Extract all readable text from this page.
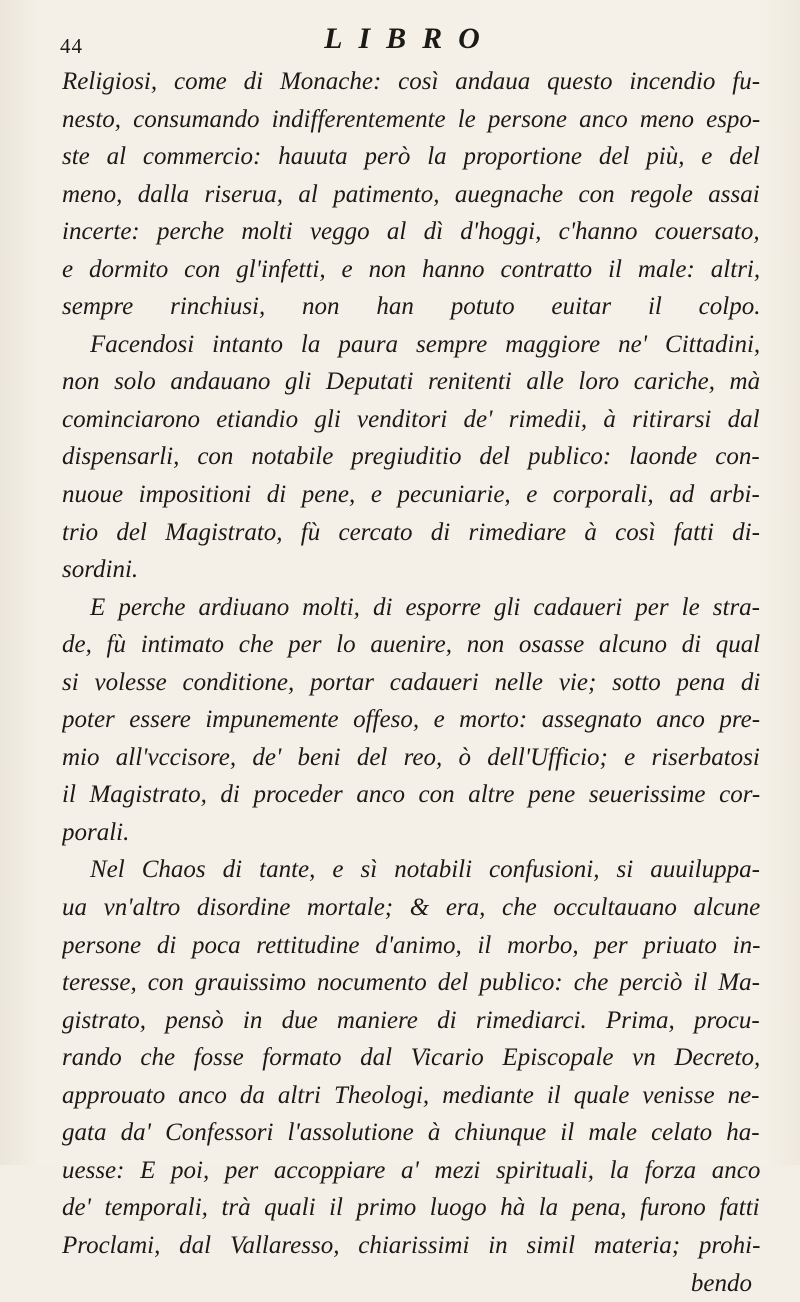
44	LIBRO
Religiosi, come di Monache: così andaua questo incendio fu-
nesto, consumando indifferentemente le persone anco meno espo-
ste al commercio: hauuta però la proportione del più, e del
meno, dalla riserua, al patimento, auegnache con regole assai
incerte: perche molti veggo al dì d'hoggi, c'hanno couersato,
e dormito con gl'infetti, e non hanno contratto il male: altri,
sempre rinchiusi, non han potuto euitar il colpo.
Facendosi intanto la paura sempre maggiore ne' Cittadini,
non solo andauano gli Deputati renitenti alle loro cariche, mà
cominciarono etiandio gli venditori de' rimedii, à ritirarsi dal
dispensarli, con notabile pregiuditio del publico: laonde con-
nuoue impositioni di pene, e pecuniarie, e corporali, ad arbi-
trio del Magistrato, fù cercato di rimediare à così fatti di-
sordini.
E perche ardiuano molti, di esporre gli cadaueri per le stra-
de, fù intimato che per lo auenire, non osasse alcuno di qual
si volesse conditione, portar cadaueri nelle vie; sotto pena di
poter essere impunemente offeso, e morto: assegnato anco pre-
mio all'vccisore, de' beni del reo, ò dell'Ufficio; e riserbatosi
il Magistrato, di proceder anco con altre pene seuerissime cor-
porali.
Nel Chaos di tante, e sì notabili confusioni, si auuiluppa-
ua vn'altro disordine mortale; & era, che occultauano alcune
persone di poca rettitudine d'animo, il morbo, per priuato in-
teresse, con grauissimo nocumento del publico: che perciò il Ma-
gistrato, pensò in due maniere di rimediarci. Prima, procu-
rando che fosse formato dal Vicario Episcopale vn Decreto,
approuato anco da altri Theologi, mediante il quale venisse ne-
gata da' Confessori l'assolutione à chiunque il male celato ha-
uesse: E poi, per accoppiare a' mezi spirituali, la forza anco
de' temporali, trà quali il primo luogo hà la pena, furono fatti
Proclami, dal Vallaresso, chiarissimi in simil materia; prohi-
bendo
